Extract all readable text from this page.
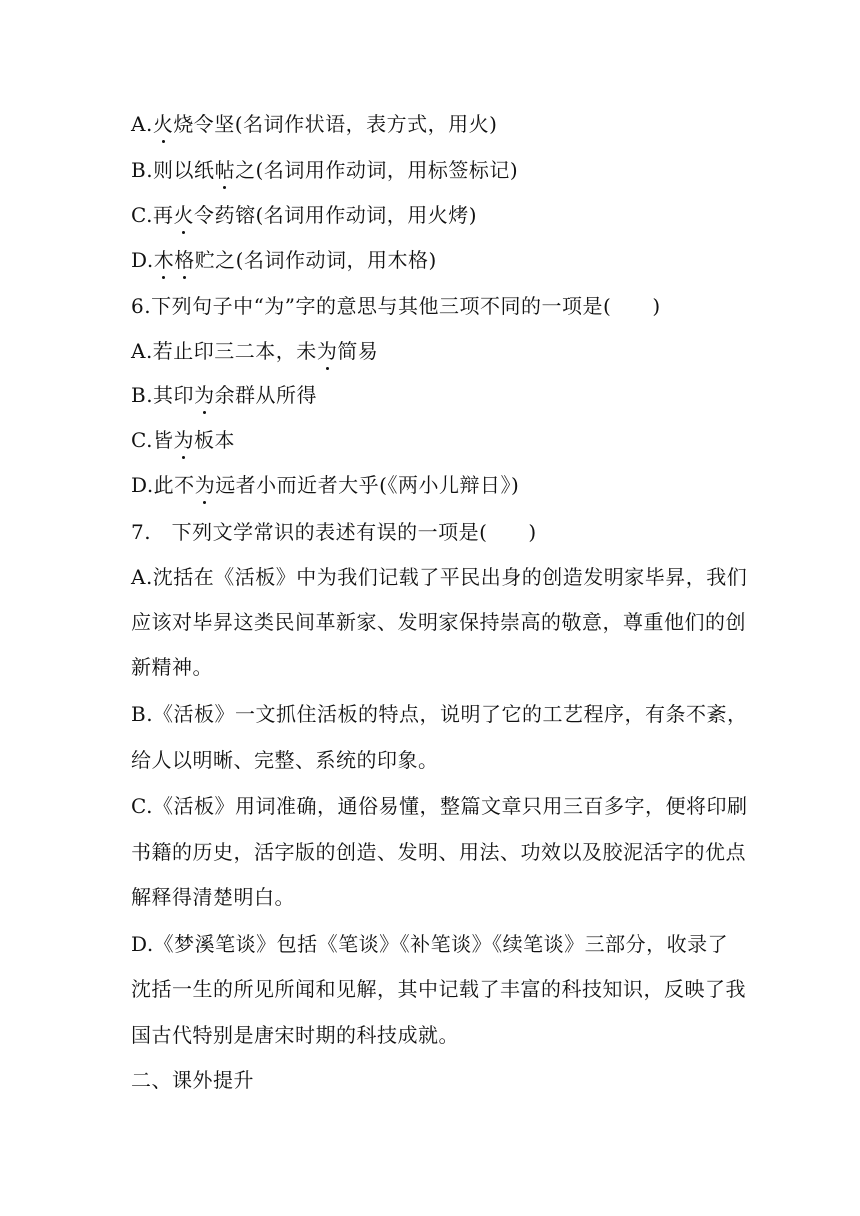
A.火烧令坚(名词作状语，表方式，用火)
B.则以纸帖之(名词用作动词，用标签标记)
C.再火令药镕(名词用作动词，用火烤)
D.木格贮之(名词作动词，用木格)
6.下列句子中“为”字的意思与其他三项不同的一项是(　　)
A.若止印三二本，未为简易
B.其印为余群从所得
C.皆为板本
D.此不为远者小而近者大乎(《两小儿辩日》)
7.　下列文学常识的表述有误的一项是(　　)
A.沈括在《活板》中为我们记载了平民出身的创造发明家毕昇，我们
应该对毕昇这类民间革新家、发明家保持崇高的敬意，尊重他们的创
新精神。
B.《活板》一文抓住活板的特点，说明了它的工艺程序，有条不紊，
给人以明晰、完整、系统的印象。
C.《活板》用词准确，通俗易懂，整篇文章只用三百多字，便将印刷
书籍的历史，活字版的创造、发明、用法、功效以及胶泥活字的优点
解释得清楚明白。
D.《梦溪笔谈》包括《笔谈》《补笔谈》《续笔谈》三部分，收录了
沈括一生的所见所闻和见解，其中记载了丰富的科技知识，反映了我
国古代特别是唐宋时期的科技成就。
二、课外提升
